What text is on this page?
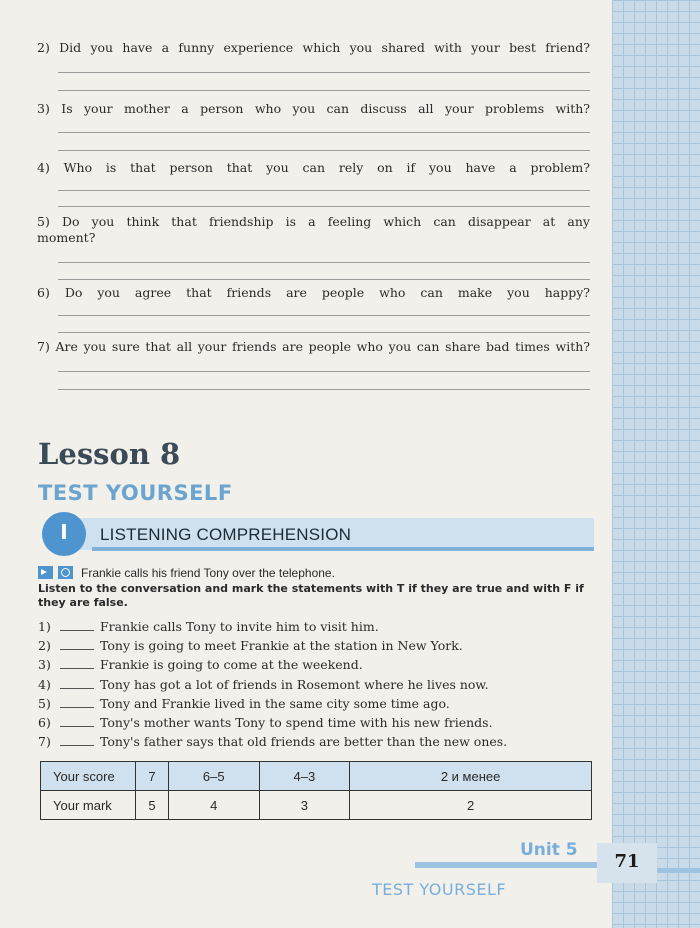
2) Did you have a funny experience which you shared with your best friend?
3) Is your mother a person who you can discuss all your problems with?
4) Who is that person that you can rely on if you have a problem?
5) Do you think that friendship is a feeling which can disappear at any
moment?
6) Do you agree that friends are people who can make you happy?
7) Are you sure that all your friends are people who you can share bad times with?
Lesson 8
TEST YOURSELF
I	LISTENING COMPREHENSION
Frankie calls his friend Tony over the telephone.
Listen to the conversation and mark the statements with T if they are true and with F if they are false.
1)	Frankie calls Tony to invite him to visit him.
2)	Tony is going to meet Frankie at the station in New York.
3)	Frankie is going to come at the weekend.
4)	Tony has got a lot of friends in Rosemont where he lives now.
5)	Tony and Frankie lived in the same city some time ago.
6)	Tony's mother wants Tony to spend time with his new friends.
7)	Tony's father says that old friends are better than the new ones.
Your score	7	6–5	4–3	2 и менее
Your mark	5	4	3	2
Unit 5
71
TEST YOURSELF
